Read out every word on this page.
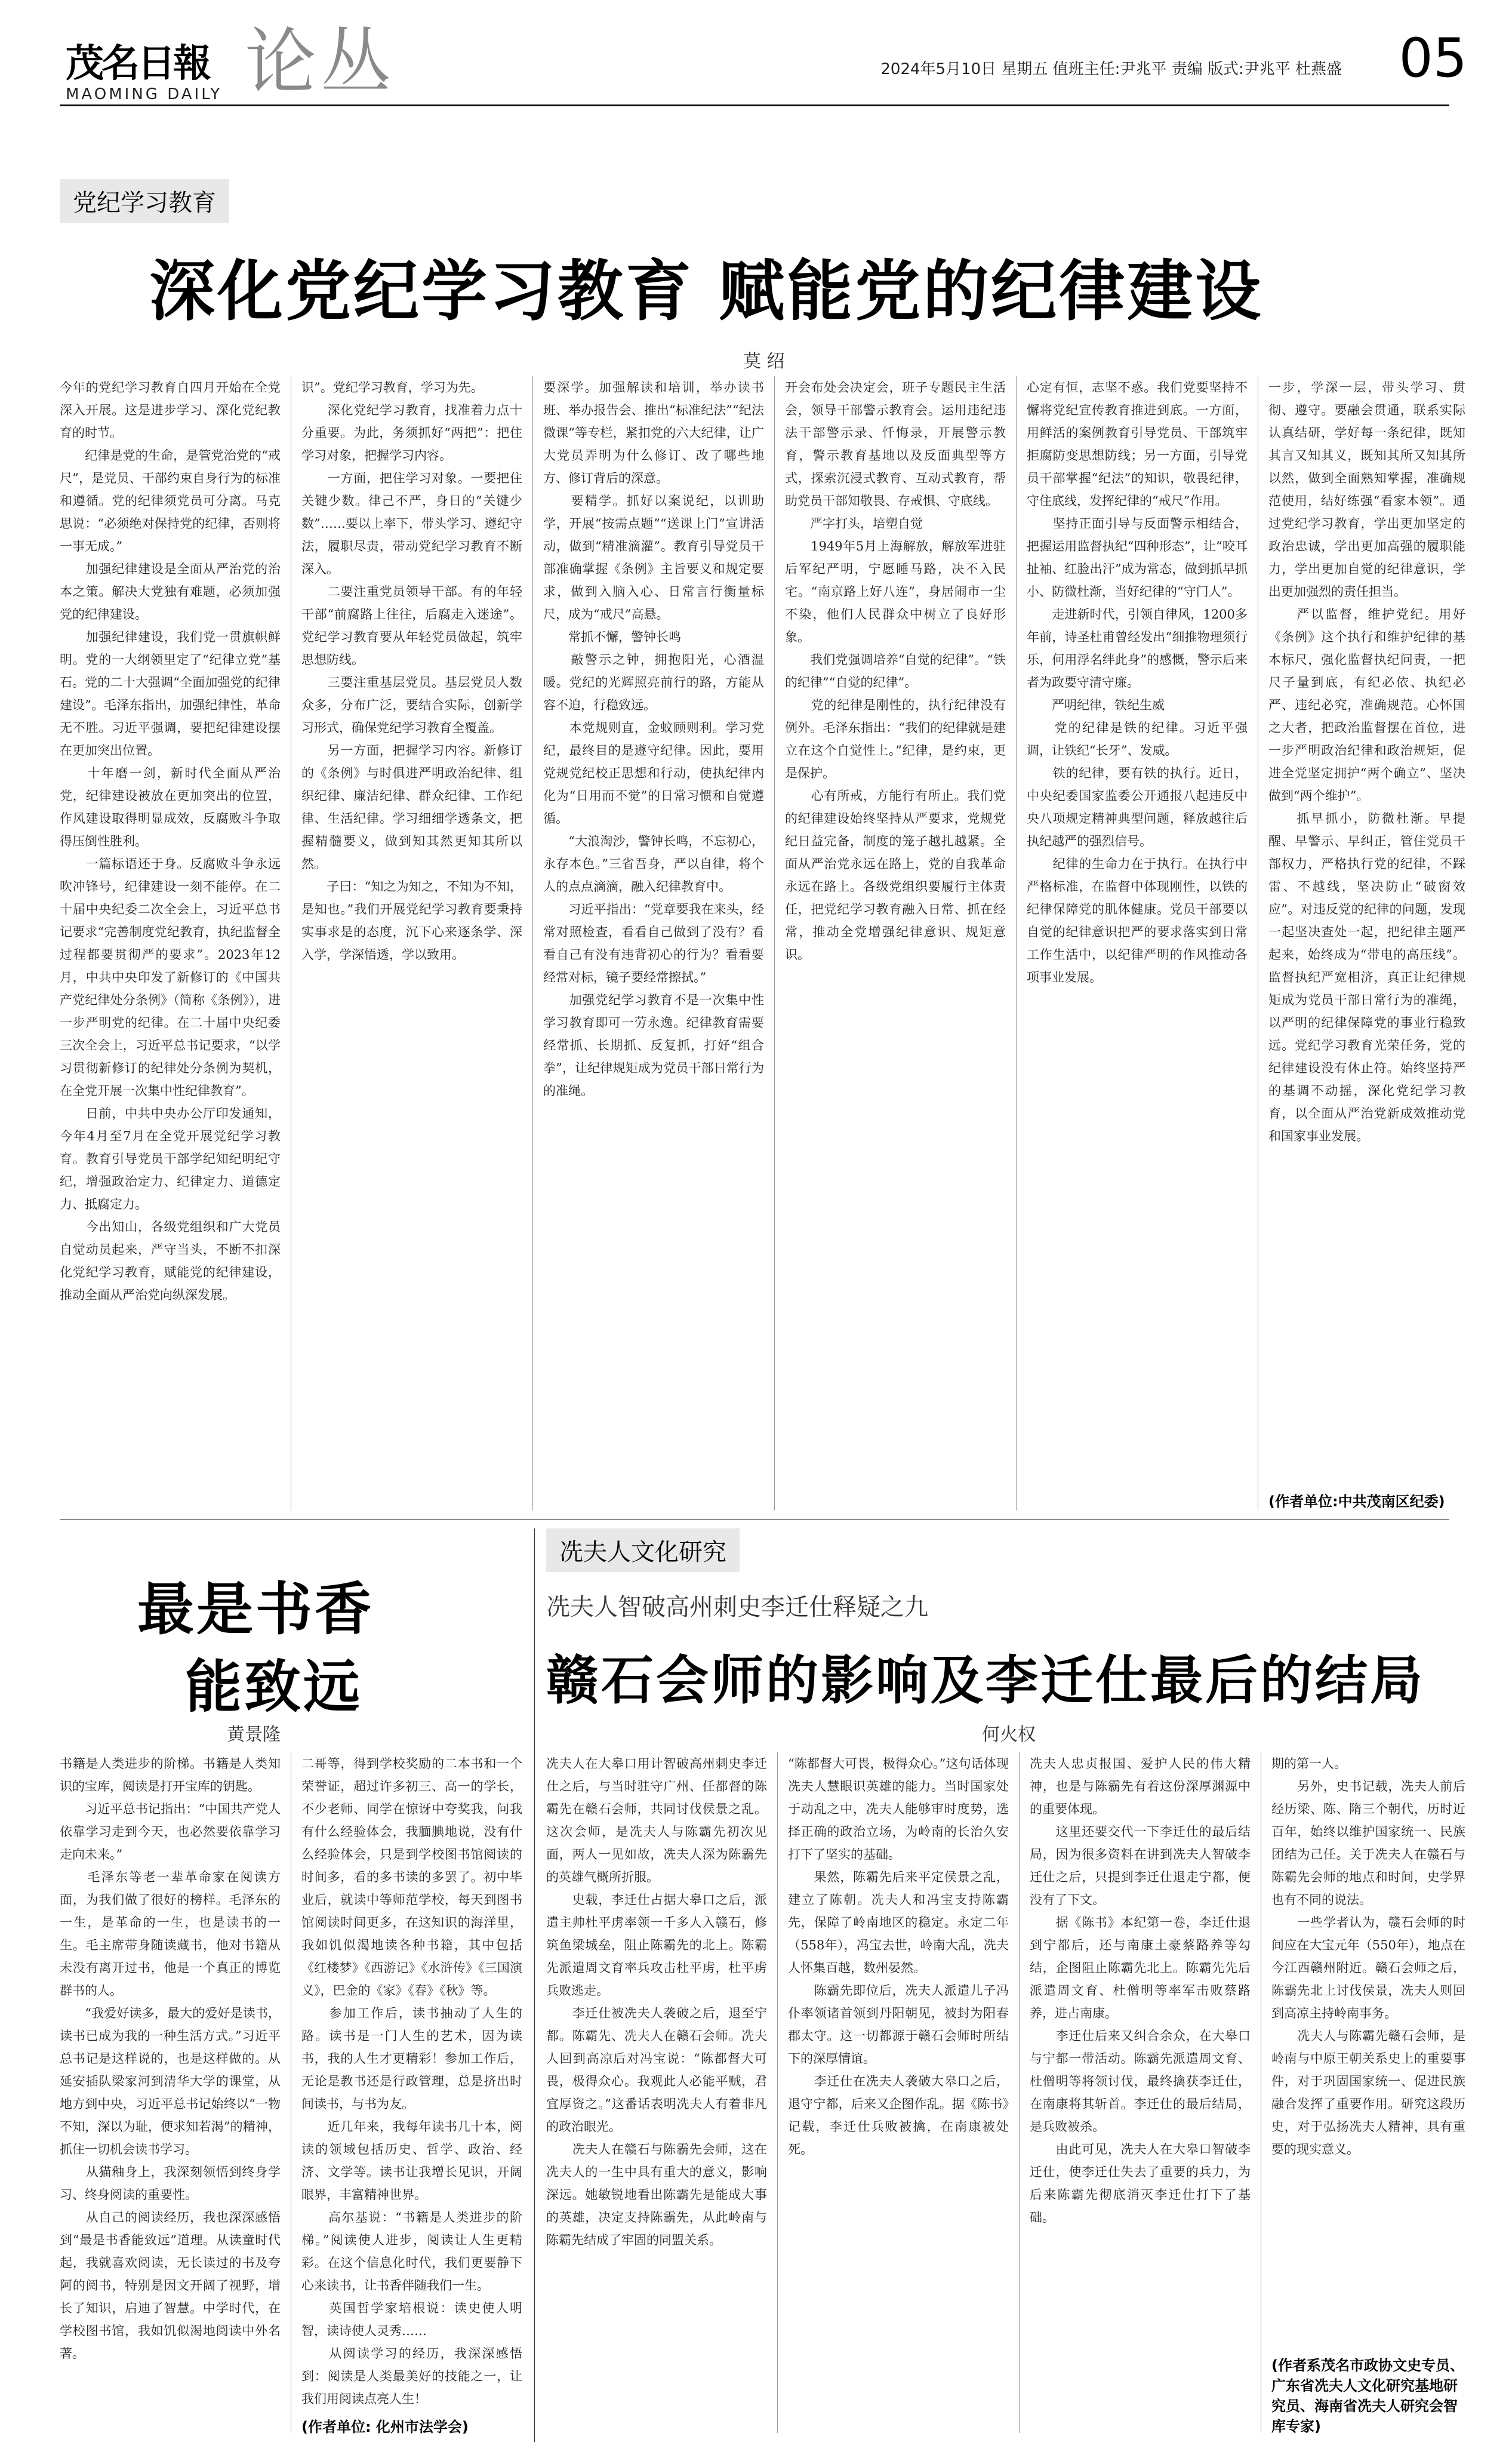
茂名日報
MAOMING DAILY 论丛	2024年5月10日 星期五 值班主任:尹兆平 责编 版式:尹兆平 杜燕盛 05
党纪学习教育
深化党纪学习教育 赋能党的纪律建设
莫 绍
今年的党纪学习教育自四月开始在全党深入开展。这是进步学习、深化党纪教育的时节。
　　纪律是党的生命，是管党治党的“戒尺”，是党员、干部约束自身行为的标准和遵循。党的纪律须党员可分离。马克思说：“必须绝对保持党的纪律，否则将一事无成。”
　　加强纪律建设是全面从严治党的治本之策。解决大党独有难题，必须加强党的纪律建设。
　　加强纪律建设，我们党一贯旗帜鲜明。党的一大纲领里定了“纪律立党”基石。党的二十大强调“全面加强党的纪律建设”。毛泽东指出，加强纪律性，革命无不胜。习近平强调，要把纪律建设摆在更加突出位置。
　　十年磨一剑，新时代全面从严治党，纪律建设被放在更加突出的位置，作风建设取得明显成效，反腐败斗争取得压倒性胜利。
　　一篇标语还于身。反腐败斗争永远吹冲锋号，纪律建设一刻不能停。在二十届中央纪委二次全会上，习近平总书记要求“完善制度党纪教育，执纪监督全过程都要贯彻严的要求”。2023年12月，中共中央印发了新修订的《中国共产党纪律处分条例》（简称《条例》），进一步严明党的纪律。在二十届中央纪委三次全会上，习近平总书记要求，“以学习贯彻新修订的纪律处分条例为契机，在全党开展一次集中性纪律教育”。
　　日前，中共中央办公厅印发通知，今年4月至7月在全党开展党纪学习教育。教育引导党员干部学纪知纪明纪守纪，增强政治定力、纪律定力、道德定力、抵腐定力。
　　今出知山，各级党组织和广大党员自觉动员起来，严守当头，不断不扣深化党纪学习教育，赋能党的纪律建设，推动全面从严治党向纵深发展。
识”。党纪学习教育，学习为先。
　　深化党纪学习教育，找准着力点十分重要。为此，务须抓好“两把”：把住学习对象，把握学习内容。
　　一方面，把住学习对象。一要把住关键少数。律己不严，身日的“关键少数”……要以上率下，带头学习、遵纪守法，履职尽责，带动党纪学习教育不断深入。
　　二要注重党员领导干部。有的年轻干部“前腐路上往往，后腐走入迷途”。党纪学习教育要从年轻党员做起，筑牢思想防线。
　　三要注重基层党员。基层党员人数众多，分布广泛，要结合实际，创新学习形式，确保党纪学习教育全覆盖。
　　另一方面，把握学习内容。新修订的《条例》与时俱进严明政治纪律、组织纪律、廉洁纪律、群众纪律、工作纪律、生活纪律。学习细细学透条文，把握精髓要义，做到知其然更知其所以然。
　　子曰：“知之为知之，不知为不知，是知也。”我们开展党纪学习教育要秉持实事求是的态度，沉下心来逐条学、深入学，学深悟透，学以致用。
要深学。加强解读和培训，举办读书班、举办报告会、推出“标准纪法”“纪法微课”等专栏，紧扣党的六大纪律，让广大党员弄明为什么修订、改了哪些地方、修订背后的深意。
　　要精学。抓好以案说纪，以训助学，开展“按需点题”“送课上门”宣讲活动，做到“精准滴灌”。教育引导党员干部准确掌握《条例》主旨要义和规定要求，做到入脑入心、日常言行衡量标尺，成为“戒尺”高悬。
　　常抓不懈，警钟长鸣
　　敲警示之钟，拥抱阳光，心酒温暖。党纪的光辉照亮前行的路，方能从容不迫，行稳致远。
　　本党规则直，金蚊顾则利。学习党纪，最终目的是遵守纪律。因此，要用党规党纪校正思想和行动，使执纪律内化为“日用而不觉”的日常习惯和自觉遵循。
　　“大浪淘沙，警钟长鸣，不忘初心，永存本色。”三省吾身，严以自律，将个人的点点滴滴，融入纪律教育中。
　　习近平指出：“党章要我在来头，经常对照检查，看看自己做到了没有？看看自己有没有违背初心的行为？看看要经常对标，镜子要经常擦拭。”
　　加强党纪学习教育不是一次集中性学习教育即可一劳永逸。纪律教育需要经常抓、长期抓、反复抓，打好“组合拳”，让纪律规矩成为党员干部日常行为的准绳。
开会布处会决定会，班子专题民主生活会，领导干部警示教育会。运用违纪违法干部警示录、忏悔录，开展警示教育，警示教育基地以及反面典型等方式，探索沉浸式教育、互动式教育，帮助党员干部知敬畏、存戒惧、守底线。
　　严字打头，培塑自觉
　　1949年5月上海解放，解放军进驻后军纪严明，宁愿睡马路，决不入民宅。“南京路上好八连”，身居闹市一尘不染，他们人民群众中树立了良好形象。
　　我们党强调培养“自觉的纪律”。“铁的纪律”“自觉的纪律”。
　　党的纪律是刚性的，执行纪律没有例外。毛泽东指出：“我们的纪律就是建立在这个自觉性上。”纪律，是约束，更是保护。
　　心有所戒，方能行有所止。我们党的纪律建设始终坚持从严要求，党规党纪日益完备，制度的笼子越扎越紧。全面从严治党永远在路上，党的自我革命永远在路上。各级党组织要履行主体责任，把党纪学习教育融入日常、抓在经常，推动全党增强纪律意识、规矩意识。
心定有恒，志坚不惑。我们党要坚持不懈将党纪宣传教育推进到底。一方面，用鲜活的案例教育引导党员、干部筑牢拒腐防变思想防线；另一方面，引导党员干部掌握“纪法”的知识，敬畏纪律，守住底线，发挥纪律的“戒尺”作用。
　　坚持正面引导与反面警示相结合，把握运用监督执纪“四种形态”，让“咬耳扯袖、红脸出汗”成为常态，做到抓早抓小、防微杜渐，当好纪律的“守门人”。
　　走进新时代，引领自律风，1200多年前，诗圣杜甫曾经发出“细推物理须行乐，何用浮名绊此身”的感慨，警示后来者为政要守清守廉。
　　严明纪律，铁纪生威
　　党的纪律是铁的纪律。习近平强调，让铁纪“长牙”、发威。
　　铁的纪律，要有铁的执行。近日，中央纪委国家监委公开通报八起违反中央八项规定精神典型问题，释放越往后执纪越严的强烈信号。
　　纪律的生命力在于执行。在执行中严格标准，在监督中体现刚性，以铁的纪律保障党的肌体健康。党员干部要以自觉的纪律意识把严的要求落实到日常工作生活中，以纪律严明的作风推动各项事业发展。
一步，学深一层，带头学习、贯彻、遵守。要融会贯通，联系实际认真结研，学好每一条纪律，既知其言又知其义，既知其所又知其所以然，做到全面熟知掌握，准确规范使用，结好练强“看家本领”。通过党纪学习教育，学出更加坚定的政治忠诚，学出更加高强的履职能力，学出更加自觉的纪律意识，学出更加强烈的责任担当。
　　严以监督，维护党纪。用好《条例》这个执行和维护纪律的基本标尺，强化监督执纪问责，一把尺子量到底，有纪必依、执纪必严、违纪必究，准确规范。心怀国之大者，把政治监督摆在首位，进一步严明政治纪律和政治规矩，促进全党坚定拥护“两个确立”、坚决做到“两个维护”。
　　抓早抓小，防微杜渐。早提醒、早警示、早纠正，管住党员干部权力，严格执行党的纪律，不踩雷、不越线，坚决防止“破窗效应”。对违反党的纪律的问题，发现一起坚决查处一起，把纪律主题严起来，始终成为“带电的高压线”。监督执纪严宽相济，真正让纪律规矩成为党员干部日常行为的准绳，以严明的纪律保障党的事业行稳致远。党纪学习教育光荣任务，党的纪律建设没有休止符。始终坚持严的基调不动摇，深化党纪学习教育，以全面从严治党新成效推动党和国家事业发展。
(作者单位:中共茂南区纪委)
最是书香
能致远
黄景隆
书籍是人类进步的阶梯。书籍是人类知识的宝库，阅读是打开宝库的钥匙。
　　习近平总书记指出：“中国共产党人依靠学习走到今天，也必然要依靠学习走向未来。”
　　毛泽东等老一辈革命家在阅读方面，为我们做了很好的榜样。毛泽东的一生，是革命的一生，也是读书的一生。毛主席带身随读藏书，他对书籍从未没有离开过书，他是一个真正的博览群书的人。
　　“我爱好读多，最大的爱好是读书，读书已成为我的一种生活方式。”习近平总书记是这样说的，也是这样做的。从延安插队梁家河到清华大学的课堂，从地方到中央，习近平总书记始终以“一物不知，深以为耻，便求知若渴”的精神，抓住一切机会读书学习。
　　从猫釉身上，我深刻领悟到终身学习、终身阅读的重要性。
　　从自己的阅读经历，我也深深感悟到“最是书香能致远”道理。从读童时代起，我就喜欢阅读，无长读过的书及夸阿的阅书，特别是因文开阔了视野，增长了知识，启迪了智慧。中学时代，在学校图书馆，我如饥似渴地阅读中外名著。
二哥等，得到学校奖励的二本书和一个荣誉证，超过许多初三、高一的学长，不少老师、同学在惊讶中夸奖我，问我有什么经验体会，我腼腆地说，没有什么经验体会，只是到学校图书馆阅读的时间多，看的多书读的多罢了。初中毕业后，就读中等师范学校，每天到图书馆阅读时间更多，在这知识的海洋里，我如饥似渴地读各种书籍，其中包括《红楼梦》《西游记》《水浒传》《三国演义》，巴金的《家》《春》《秋》等。
　　参加工作后，读书抽动了人生的路。读书是一门人生的艺术，因为读书，我的人生才更精彩！参加工作后，无论是教书还是行政管理，总是挤出时间读书，与书为友。
　　近几年来，我每年读书几十本，阅读的领域包括历史、哲学、政治、经济、文学等。读书让我增长见识，开阔眼界，丰富精神世界。
　　高尔基说：“书籍是人类进步的阶梯。”阅读使人进步，阅读让人生更精彩。在这个信息化时代，我们更要静下心来读书，让书香伴随我们一生。
　　英国哲学家培根说：读史使人明智，读诗使人灵秀……
　　从阅读学习的经历，我深深感悟到：阅读是人类最美好的技能之一，让我们用阅读点亮人生！
(作者单位: 化州市法学会)
冼夫人文化研究
冼夫人智破高州刺史李迁仕释疑之九
赣石会师的影响及李迁仕最后的结局
何火权
冼夫人在大皋口用计智破高州刺史李迁仕之后，与当时驻守广州、任都督的陈霸先在赣石会师，共同讨伐侯景之乱。这次会师，是冼夫人与陈霸先初次见面，两人一见如故，冼夫人深为陈霸先的英雄气概所折服。
　　史载，李迁仕占据大皋口之后，派遣主帅杜平虏率领一千多人入赣石，修筑鱼梁城垒，阻止陈霸先的北上。陈霸先派遣周文育率兵攻击杜平虏，杜平虏兵败逃走。
　　李迁仕被冼夫人袭破之后，退至宁都。陈霸先、冼夫人在赣石会师。冼夫人回到高凉后对冯宝说：“陈都督大可畏，极得众心。我观此人必能平贼，君宜厚资之。”这番话表明冼夫人有着非凡的政治眼光。
　　冼夫人在赣石与陈霸先会师，这在冼夫人的一生中具有重大的意义，影响深远。她敏锐地看出陈霸先是能成大事的英雄，决定支持陈霸先，从此岭南与陈霸先结成了牢固的同盟关系。
“陈都督大可畏，极得众心。”这句话体现冼夫人慧眼识英雄的能力。当时国家处于动乱之中，冼夫人能够审时度势，选择正确的政治立场，为岭南的长治久安打下了坚实的基础。
　　果然，陈霸先后来平定侯景之乱，建立了陈朝。冼夫人和冯宝支持陈霸先，保障了岭南地区的稳定。永定二年（558年），冯宝去世，岭南大乱，冼夫人怀集百越，数州晏然。
　　陈霸先即位后，冼夫人派遣儿子冯仆率领诸首领到丹阳朝见，被封为阳春郡太守。这一切都源于赣石会师时所结下的深厚情谊。
　　李迁仕在冼夫人袭破大皋口之后，退守宁都，后来又企图作乱。据《陈书》记载，李迁仕兵败被擒，在南康被处死。
冼夫人忠贞报国、爱护人民的伟大精神，也是与陈霸先有着这份深厚渊源中的重要体现。
　　这里还要交代一下李迁仕的最后结局，因为很多资料在讲到冼夫人智破李迁仕之后，只提到李迁仕退走宁都，便没有了下文。
　　据《陈书》本纪第一卷，李迁仕退到宁都后，还与南康土豪蔡路养等勾结，企图阻止陈霸先北上。陈霸先先后派遣周文育、杜僧明等率军击败蔡路养，进占南康。
　　李迁仕后来又纠合余众，在大皋口与宁都一带活动。陈霸先派遣周文育、杜僧明等将领讨伐，最终擒获李迁仕，在南康将其斩首。李迁仕的最后结局，是兵败被杀。
　　由此可见，冼夫人在大皋口智破李迁仕，使李迁仕失去了重要的兵力，为后来陈霸先彻底消灭李迁仕打下了基础。
期的第一人。
　　另外，史书记载，冼夫人前后经历梁、陈、隋三个朝代，历时近百年，始终以维护国家统一、民族团结为己任。关于冼夫人在赣石与陈霸先会师的地点和时间，史学界也有不同的说法。
　　一些学者认为，赣石会师的时间应在大宝元年（550年），地点在今江西赣州附近。赣石会师之后，陈霸先北上讨伐侯景，冼夫人则回到高凉主持岭南事务。
　　冼夫人与陈霸先赣石会师，是岭南与中原王朝关系史上的重要事件，对于巩固国家统一、促进民族融合发挥了重要作用。研究这段历史，对于弘扬冼夫人精神，具有重要的现实意义。
(作者系茂名市政协文史专员、广东省冼夫人文化研究基地研究员、海南省冼夫人研究会智库专家)
